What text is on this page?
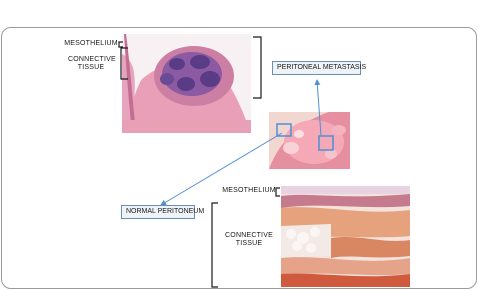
MESOTHELIUM
CONNECTIVE TISSUE	PERITONEAL METASTASIS
NORMAL PERITONEUM
MESOTHELIUM
CONNECTIVE TISSUE
